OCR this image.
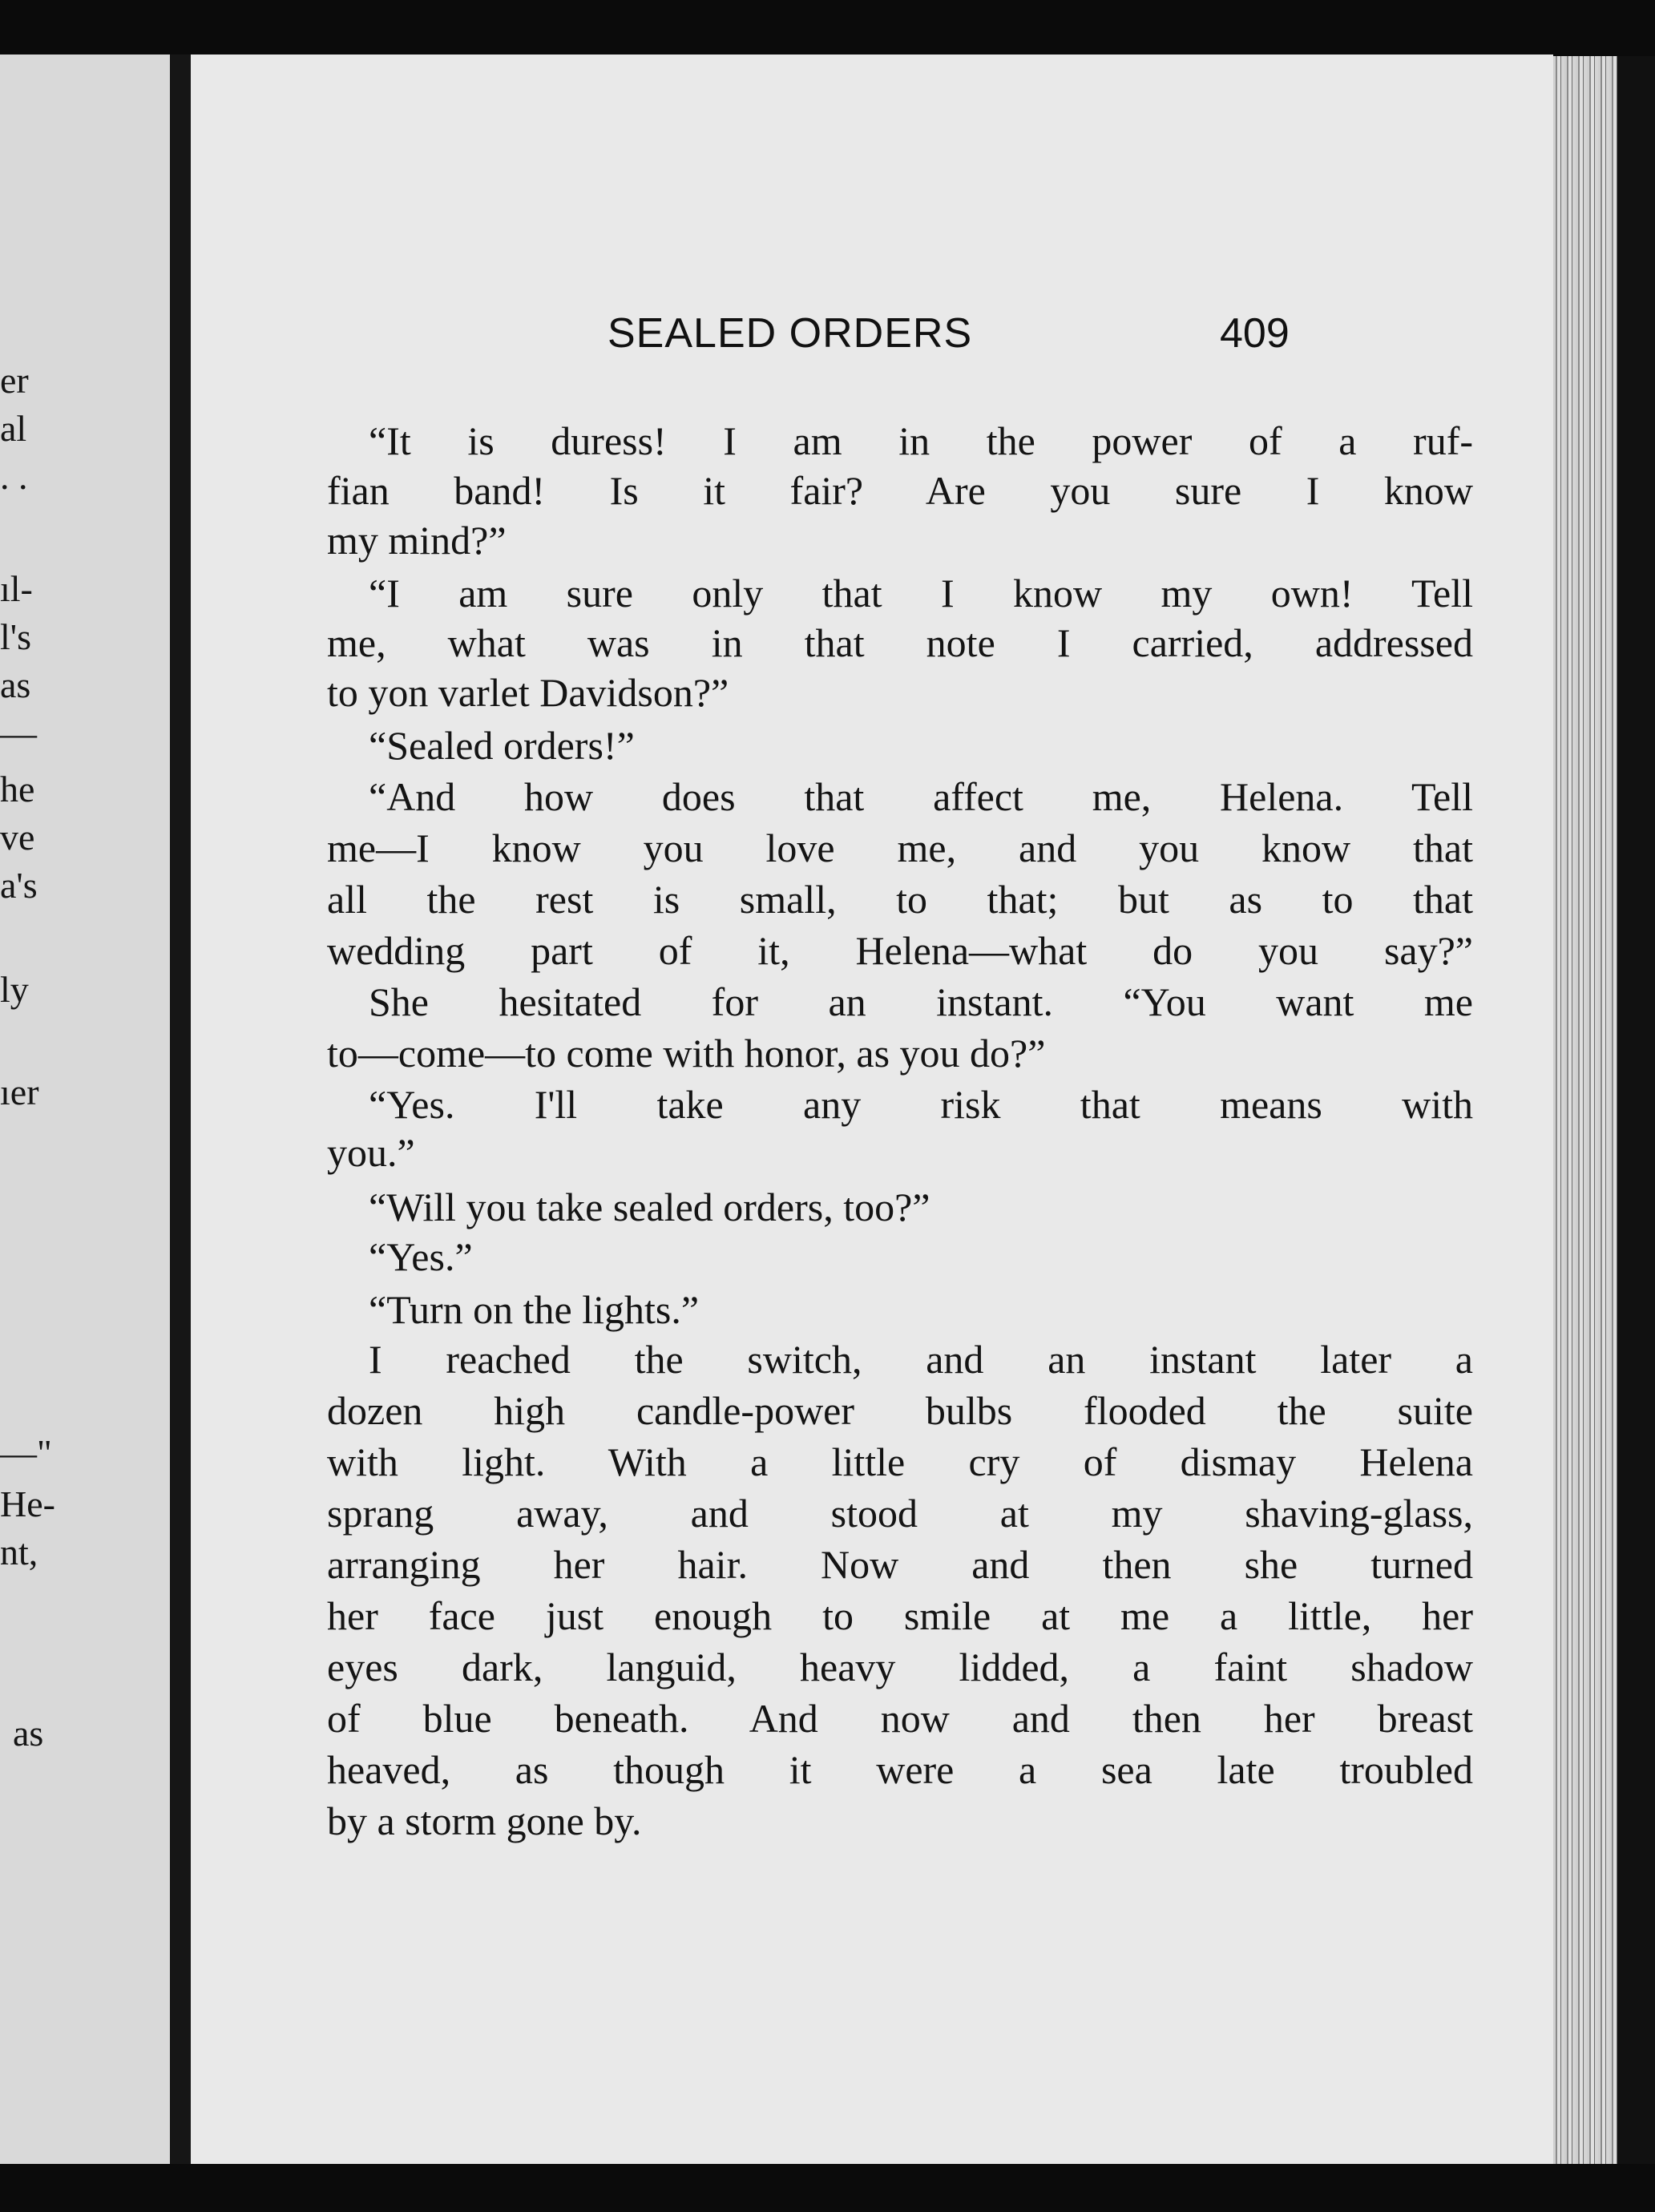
er
al
. .
ıl-
l's
as
—
he
ve
a's
ly
ıer
—"
He-
nt,
as
SEALED ORDERS	409
“It is duress! I am in the power of a ruf-
fian band! Is it fair? Are you sure I know
my mind?”
“I am sure only that I know my own! Tell
me, what was in that note I carried, addressed
to yon varlet Davidson?”
“Sealed orders!”
“And how does that affect me, Helena. Tell
me—I know you love me, and you know that
all the rest is small, to that; but as to that
wedding part of it, Helena—what do you say?”
She hesitated for an instant. “You want me
to—come—to come with honor, as you do?”
“Yes. I'll take any risk that means with
you.”
“Will you take sealed orders, too?”
“Yes.”
“Turn on the lights.”
I reached the switch, and an instant later a
dozen high candle-power bulbs flooded the suite
with light. With a little cry of dismay Helena
sprang away, and stood at my shaving-glass,
arranging her hair. Now and then she turned
her face just enough to smile at me a little, her
eyes dark, languid, heavy lidded, a faint shadow
of blue beneath. And now and then her breast
heaved, as though it were a sea late troubled
by a storm gone by.
